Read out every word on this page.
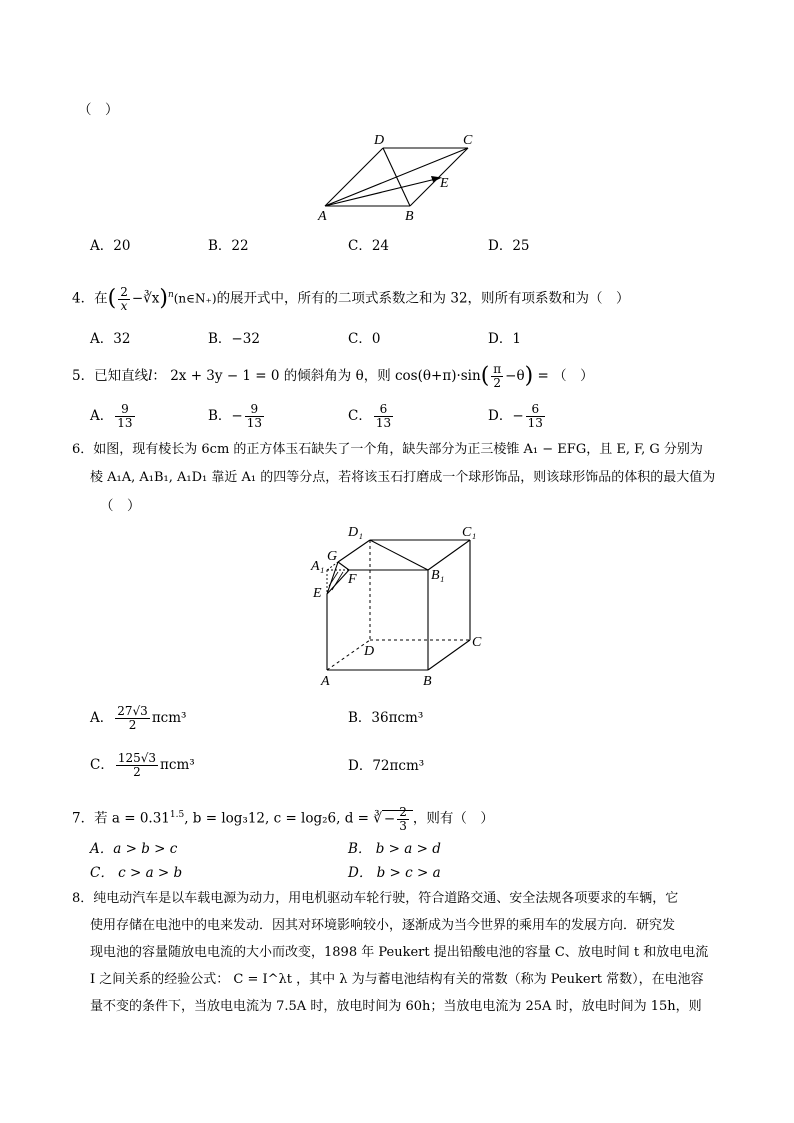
（　）
A	B
C
D
E
A．20	B．22	C．24	D．25
4．在( $\frac{2}{x}$ −∛x)$^n$(n∈N₊)的展开式中，所有的二项式系数之和为 32，则所有项系数和为（　）
A．32	B．−32	C．0	D．1
5．已知直线l： 2x + 3y − 1 = 0 的倾斜角为 θ，则 $\cos(\theta+\pi)\cdot\sin( \frac{\pi}{2} -\theta)$ = （　）
A． $\frac{9}{13}$	B．− $\frac{9}{13}$	C． $\frac{6}{13}$	D．− $\frac{6}{13}$
6．如图，现有棱长为 6cm 的正方体玉石缺失了一个角，缺失部分为正三棱锥 A₁ − EFG，且 E, F, G 分别为
棱 A₁A, A₁B₁, A₁D₁ 靠近 A₁ 的四等分点，若将该玉石打磨成一个球形饰品，则该球形饰品的体积的最大值为
（　）
A	B
C
D
A₁
B₁
C₁
D₁
E
F
G
A． $\frac{27√3}{2} \pi cm^3$	B．36πcm³
C． $\frac{125√3}{2} \pi cm^3$	D．72πcm³
7．若 $a = 0.31^{1.5}$, b = log₃12, c = log₂6, d = ∛ − $\frac{2}{3}$ ，则有（　）
A．a > b > c	B． b > a > d
C． c > a > b	D． b > c > a
8．纯电动汽车是以车载电源为动力，用电机驱动车轮行驶，符合道路交通、安全法规各项要求的车辆，它
使用存储在电池中的电来发动．因其对环境影响较小，逐渐成为当今世界的乘用车的发展方向．研究发
现电池的容量随放电电流的大小而改变，1898 年 Peukert 提出铅酸电池的容量 C、放电时间 t 和放电电流
I 之间关系的经验公式： C = I^λt ，其中 λ 为与蓄电池结构有关的常数（称为 Peukert 常数），在电池容
量不变的条件下，当放电电流为 7.5A 时，放电时间为 60h；当放电电流为 25A 时，放电时间为 15h，则
